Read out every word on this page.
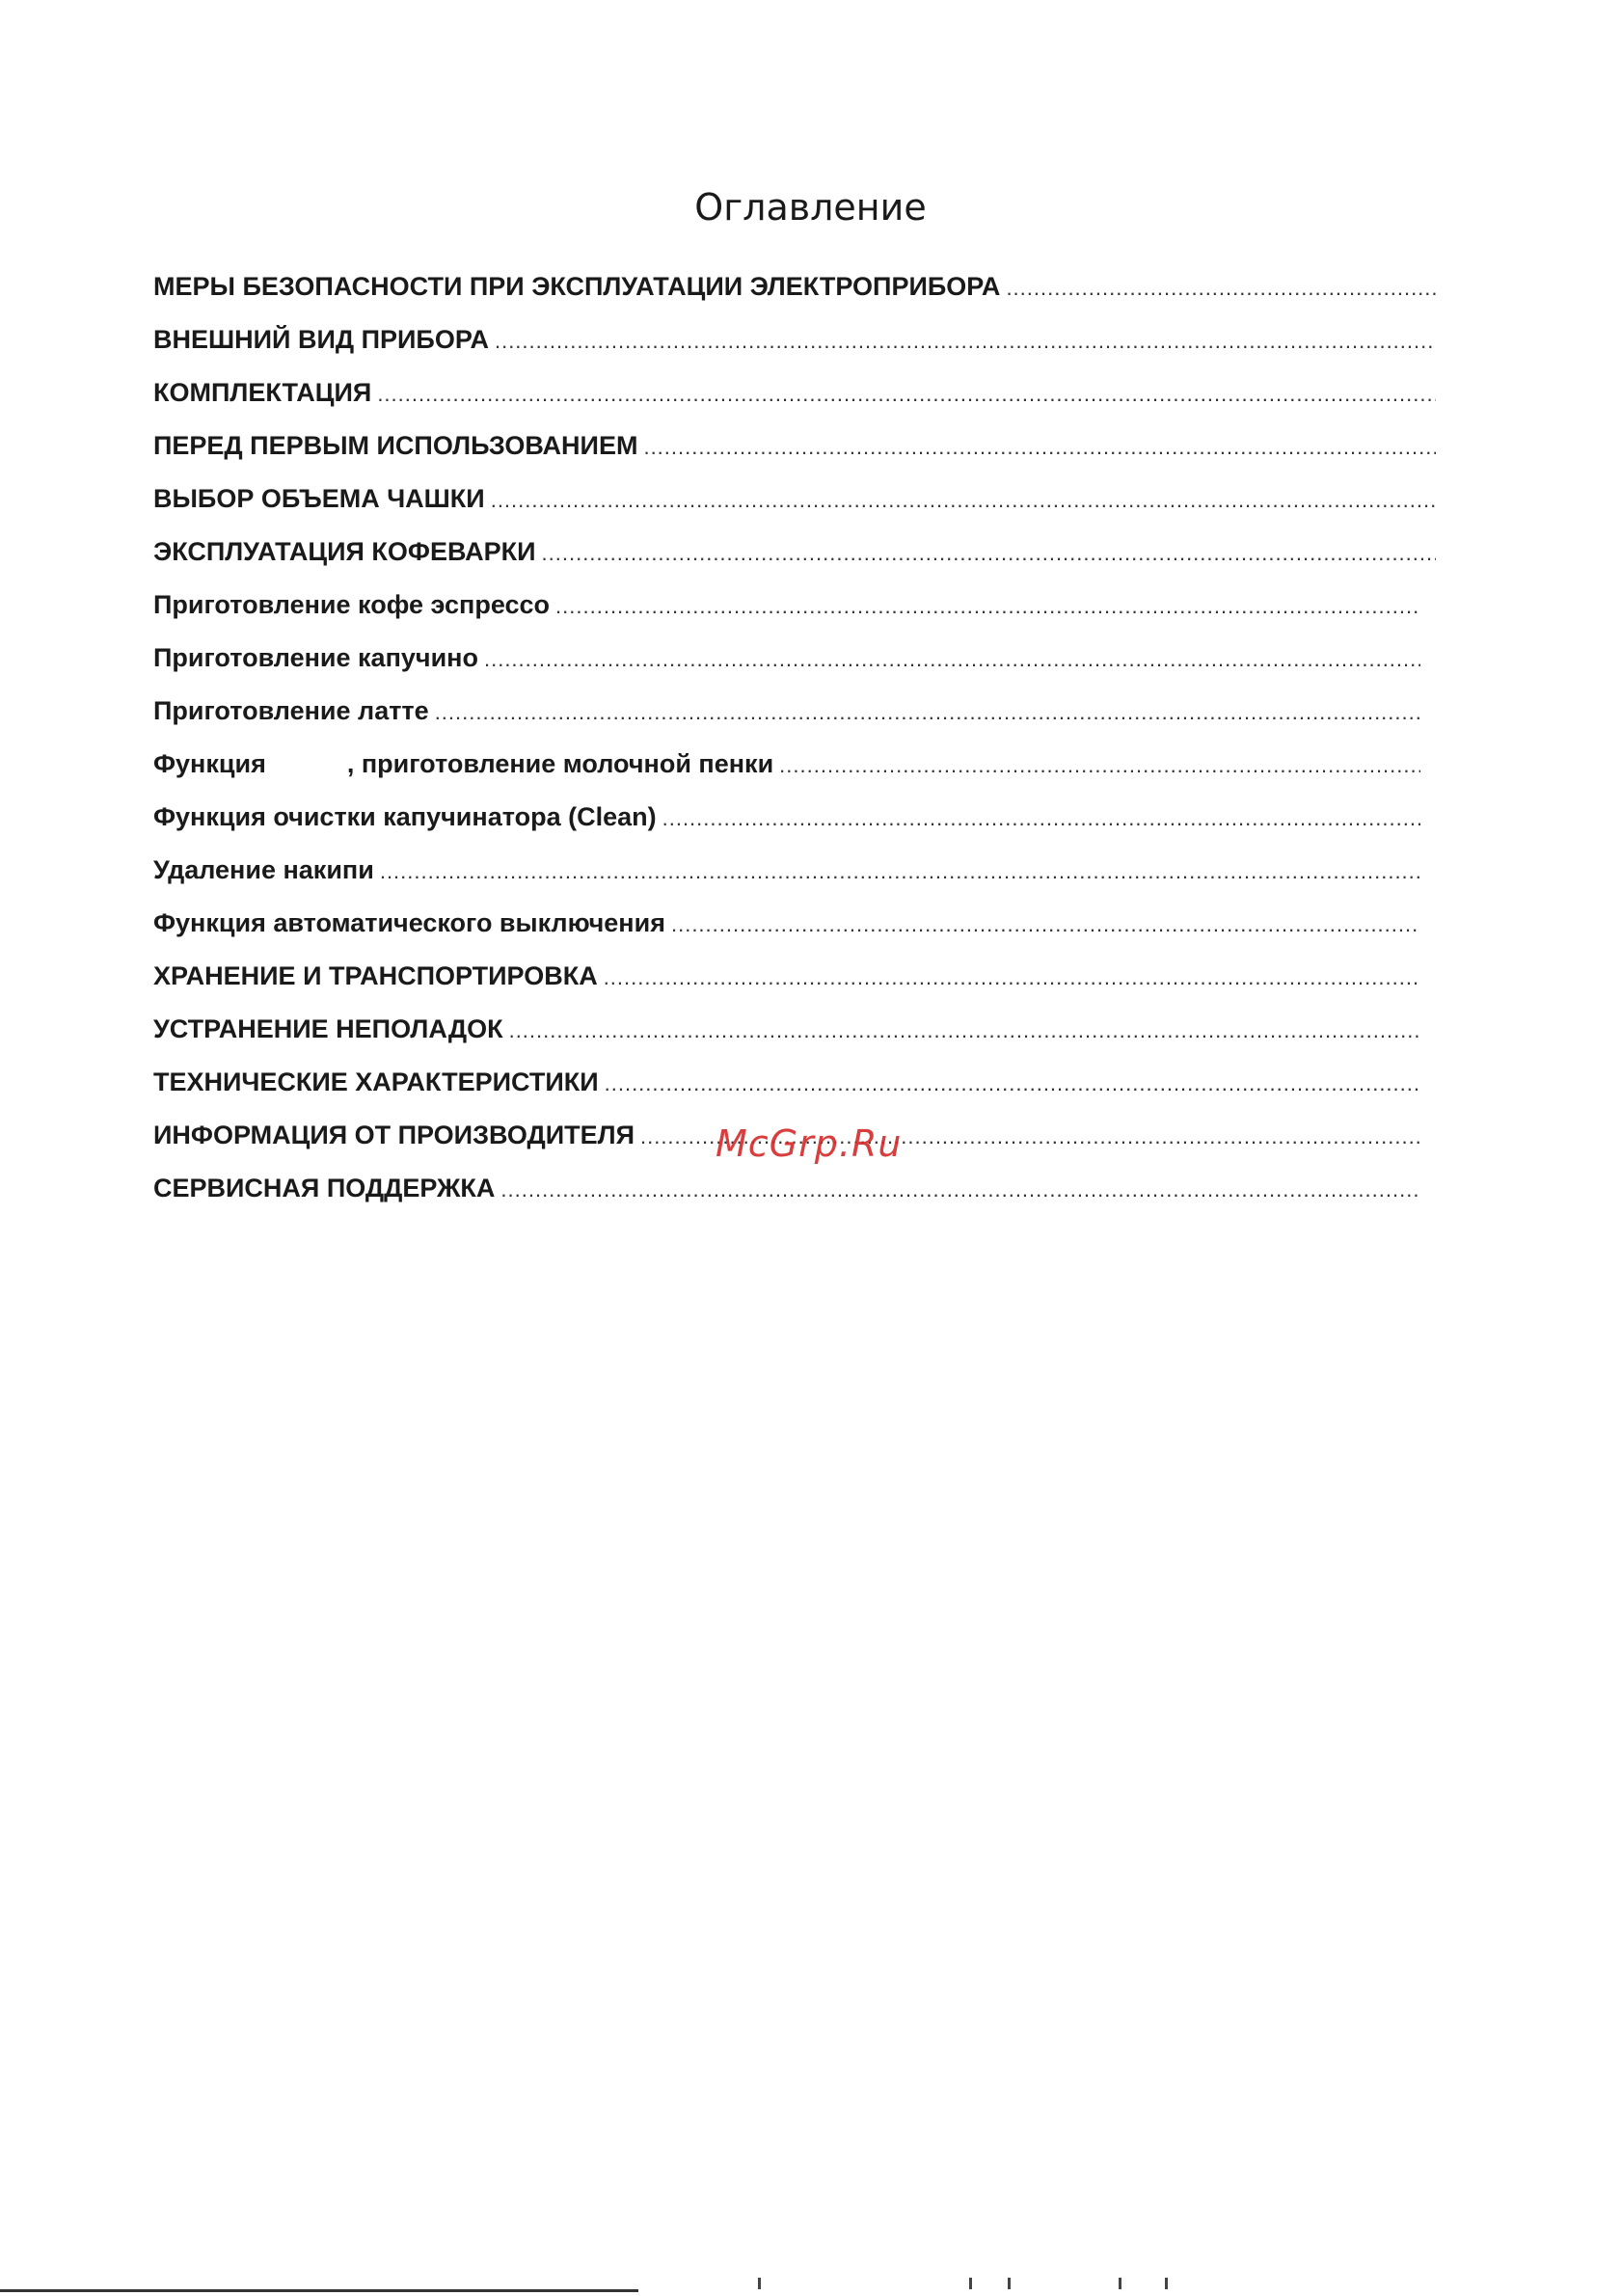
Оглавление
МЕРЫ БЕЗОПАСНОСТИ ПРИ ЭКСПЛУАТАЦИИ ЭЛЕКТРОПРИБОРА
.....
ВНЕШНИЙ ВИД ПРИБОРА
.....
КОМПЛЕКТАЦИЯ
.....
ПЕРЕД ПЕРВЫМ ИСПОЛЬЗОВАНИЕМ
.....
ВЫБОР ОБЪЕМА ЧАШКИ
.....
ЭКСПЛУАТАЦИЯ КОФЕВАРКИ
.....
Приготовление кофе эспрессо
.....
Приготовление капучино
.....
Приготовление латте
.....
Функция	, приготовление молочной пенки
.....
Функция очистки капучинатора (Clean)
.....
Удаление накипи
.....
Функция автоматического выключения
.....
ХРАНЕНИЕ И ТРАНСПОРТИРОВКА
.....
УСТРАНЕНИЕ НЕПОЛАДОК
.....
ТЕХНИЧЕСКИЕ ХАРАКТЕРИСТИКИ
.....
ИНФОРМАЦИЯ ОТ ПРОИЗВОДИТЕЛЯ
.....
СЕРВИСНАЯ ПОДДЕРЖКА
.....
McGrp.Ru
